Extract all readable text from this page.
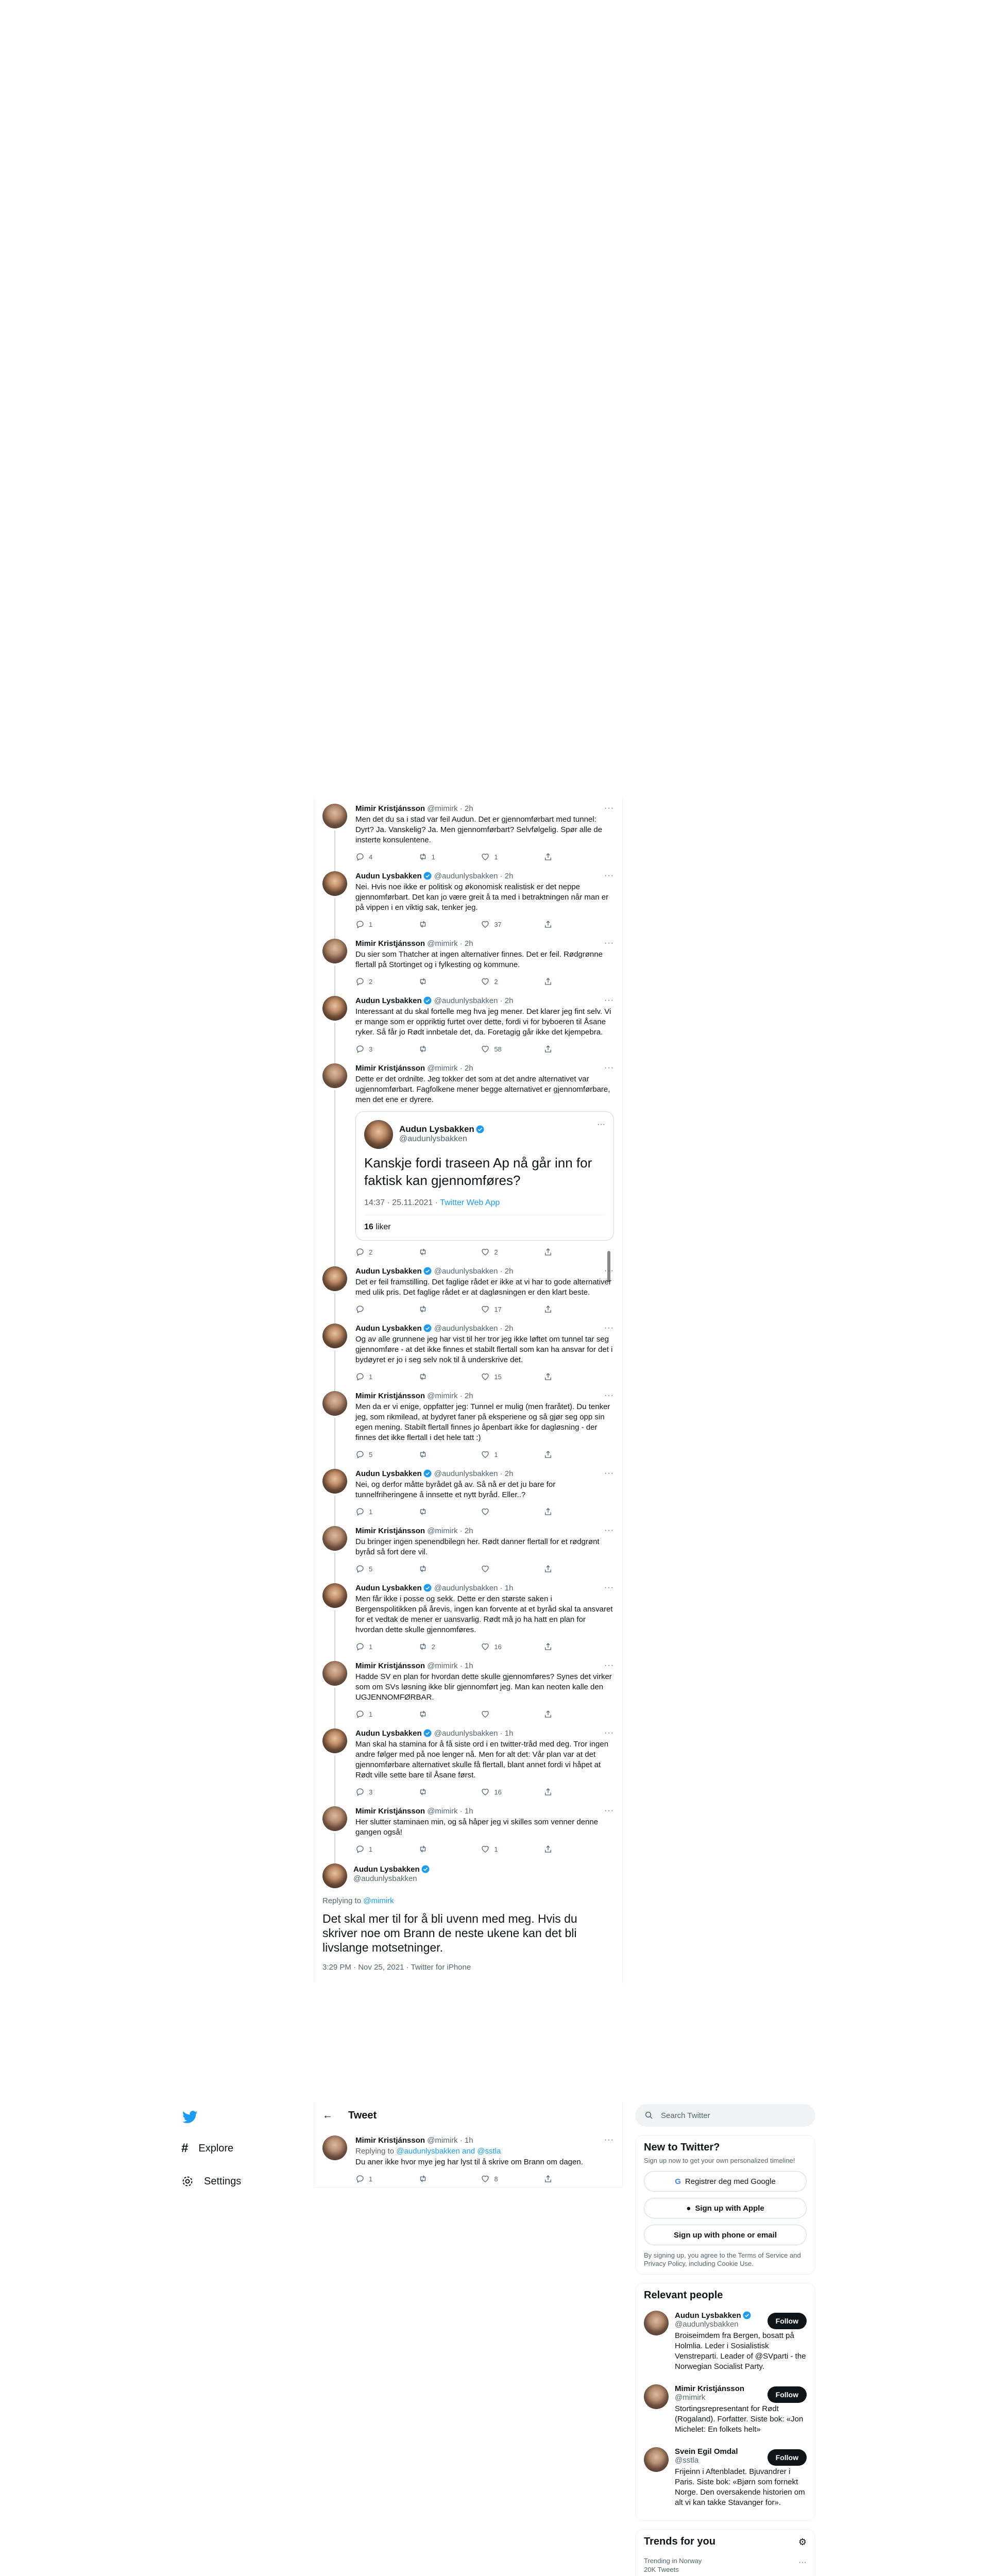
Mimir Kristjánsson @mimirk · 2h	···
Men det du sa i stad var feil Audun. Det er gjennomførbart med tunnel: Dyrt? Ja. Vanskelig? Ja. Men gjennomførbart? Selvfølgelig. Spør alle de insterte konsulentene.
4	1	1
Audun Lysbakken @audunlysbakken · 2h	···
Nei. Hvis noe ikke er politisk og økonomisk realistisk er det neppe gjennomførbart. Det kan jo være greit å ta med i betraktningen når man er på vippen i en viktig sak, tenker jeg.
1	37
Mimir Kristjánsson @mimirk · 2h	···
Du sier som Thatcher at ingen alternativer finnes. Det er feil. Rødgrønne flertall på Stortinget og i fylkesting og kommune.
2	2
Audun Lysbakken @audunlysbakken · 2h	···
Interessant at du skal fortelle meg hva jeg mener. Det klarer jeg fint selv. Vi er mange som er oppriktig furtet over dette, fordi vi for byboeren til Åsane ryker. Så får jo Rødt innbetale det, da. Foretagig går ikke det kjempebra.
3	58
Mimir Kristjánsson @mimirk · 2h	···
Dette er det ordnilte. Jeg tokker det som at det andre alternativet var ugjennomførbart. Fagfolkene mener begge alternativet er gjennomførbare, men det ene er dyrere.
Audun Lysbakken
@audunlysbakken
···
Kanskje fordi traseen Ap nå går inn for faktisk kan gjennomføres?
14:37 · 25.11.2021 · Twitter Web App
16 liker
2	2
Audun Lysbakken @audunlysbakken · 2h	···
Det er feil framstilling. Det faglige rådet er ikke at vi har to gode alternativer med ulik pris. Det faglige rådet er at dagløsningen er den klart beste.
17
Audun Lysbakken @audunlysbakken · 2h	···
Og av alle grunnene jeg har vist til her tror jeg ikke løftet om tunnel tar seg gjennomføre - at det ikke finnes et stabilt flertall som kan ha ansvar for det i bydøyret er jo i seg selv nok til å underskrive det.
1	15
Mimir Kristjánsson @mimirk · 2h	···
Men da er vi enige, oppfatter jeg: Tunnel er mulig (men fraråtet). Du tenker jeg, som rikmilead, at bydyret faner på eksperiene og så gjør seg opp sin egen mening. Stabilt flertall finnes jo åpenbart ikke for dagløsning - der finnes det ikke flertall i det hele tatt :)
5	1
Audun Lysbakken @audunlysbakken · 2h	···
Nei, og derfor måtte byrådet gå av. Så nå er det ju bare for tunnelfriheringene å innsette et nytt byråd. Eller..?
1
Mimir Kristjánsson @mimirk · 2h	···
Du bringer ingen spenendbilegn her. Rødt danner flertall for et rødgrønt byråd så fort dere vil.
5
Audun Lysbakken @audunlysbakken · 1h	···
Men får ikke i posse og sekk. Dette er den største saken i Bergenspolitikken på årevis, ingen kan forvente at et byråd skal ta ansvaret for et vedtak de mener er uansvarlig. Rødt må jo ha hatt en plan for hvordan dette skulle gjennomføres.
1	2	16
Mimir Kristjánsson @mimirk · 1h	···
Hadde SV en plan for hvordan dette skulle gjennomføres? Synes det virker som om SVs løsning ikke blir gjennomført jeg. Man kan neoten kalle den UGJENNOMFØRBAR.
1
Audun Lysbakken @audunlysbakken · 1h	···
Man skal ha stamina for å få siste ord i en twitter-tråd med deg. Tror ingen andre følger med på noe lenger nå. Men for alt det: Vår plan var at det gjennomførbare alternativet skulle få flertall, blant annet fordi vi håpet at Rødt ville sette bare til Åsane først.
3	16
Mimir Kristjánsson @mimirk · 1h	···
Her slutter staminaen min, og så håper jeg vi skilles som venner denne gangen også!
1	1
Audun Lysbakken
@audunlysbakken
Replying to @mimirk
Det skal mer til for å bli uvenn med meg. Hvis du skriver noe om Brann de neste ukene kan det bli livslange motsetninger.
3:29 PM · Nov 25, 2021 · Twitter for iPhone
# Explore
Settings
← Tweet
Mimir Kristjánsson @mimirk · 1h	···
Replying to @audunlysbakken and @sstla
Du aner ikke hvor mye jeg har lyst til å skrive om Brann om dagen.
1	8
Search Twitter
New to Twitter?
Sign up now to get your own personalized timeline!
G Registrer deg med Google
● Sign up with Apple
Sign up with phone or email
By signing up, you agree to the Terms of Service and Privacy Policy, including Cookie Use.
Relevant people
Audun Lysbakken
@audunlysbakken
Broiseimdem fra Bergen, bosatt på Holmlia. Leder i Sosialistisk Venstreparti. Leader of @SVparti - the Norwegian Socialist Party.
Follow
Mimir Kristjánsson
@mimirk
Stortingsrepresentant for Rødt (Rogaland). Forfatter. Siste bok: «Jon Michelet: En folkets helt»
Follow
Svein Egil Omdal
@sstla
Frijeinn i Aftenbladet. Bjuvandrer i Paris. Siste bok: «Bjørn som fornekt Norge. Den oversakende historien om alt vi kan takke Stavanger for».
Follow
Trends for you	⚙
Trending in Norway
20K Tweets
···
